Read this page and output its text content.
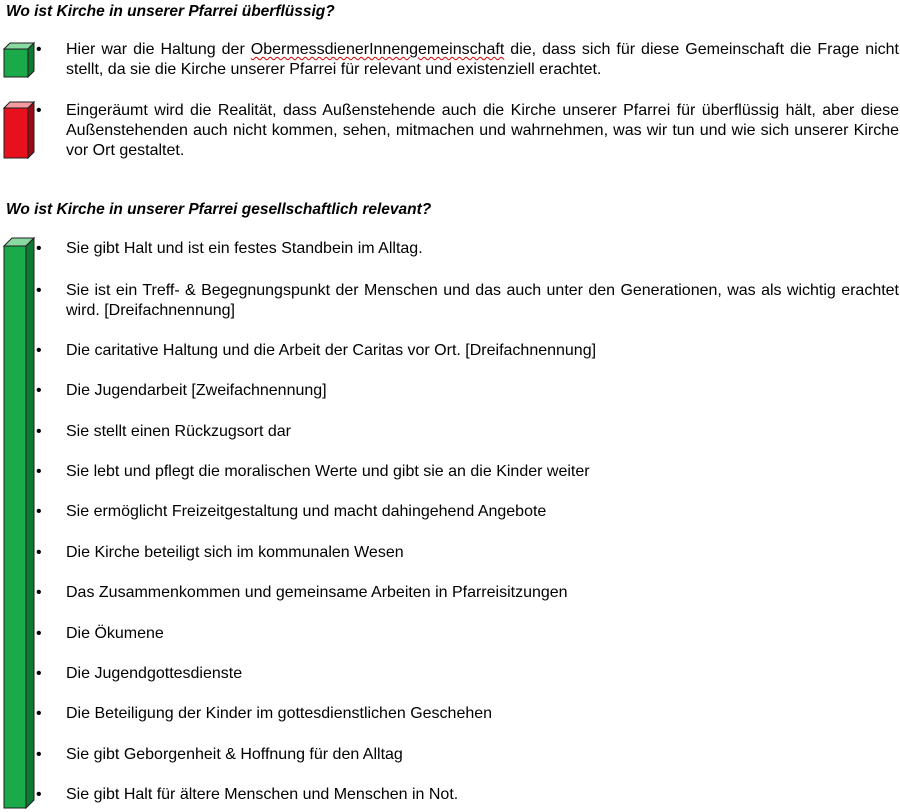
Wo ist Kirche in unserer Pfarrei überflüssig?
• Hier war die Haltung der ObermessdienerInnengemeinschaft die, dass sich für diese Gemeinschaft die Frage nicht stellt, da sie die Kirche unserer Pfarrei für relevant und existenziell erachtet.
• Eingeräumt wird die Realität, dass Außenstehende auch die Kirche unserer Pfarrei für überflüssig hält, aber diese Außenstehenden auch nicht kommen, sehen, mitmachen und wahrnehmen, was wir tun und wie sich unserer Kirche vor Ort gestaltet.
Wo ist Kirche in unserer Pfarrei gesellschaftlich relevant?
• Sie gibt Halt und ist ein festes Standbein im Alltag.
• Sie ist ein Treff- & Begegnungspunkt der Menschen und das auch unter den Generationen, was als wichtig erachtet wird. [Dreifachnennung]
• Die caritative Haltung und die Arbeit der Caritas vor Ort. [Dreifachnennung]
• Die Jugendarbeit [Zweifachnennung]
• Sie stellt einen Rückzugsort dar
• Sie lebt und pflegt die moralischen Werte und gibt sie an die Kinder weiter
• Sie ermöglicht Freizeitgestaltung und macht dahingehend Angebote
• Die Kirche beteiligt sich im kommunalen Wesen
• Das Zusammenkommen und gemeinsame Arbeiten in Pfarreisitzungen
• Die Ökumene
• Die Jugendgottesdienste
• Die Beteiligung der Kinder im gottesdienstlichen Geschehen
• Sie gibt Geborgenheit & Hoffnung für den Alltag
• Sie gibt Halt für ältere Menschen und Menschen in Not.
